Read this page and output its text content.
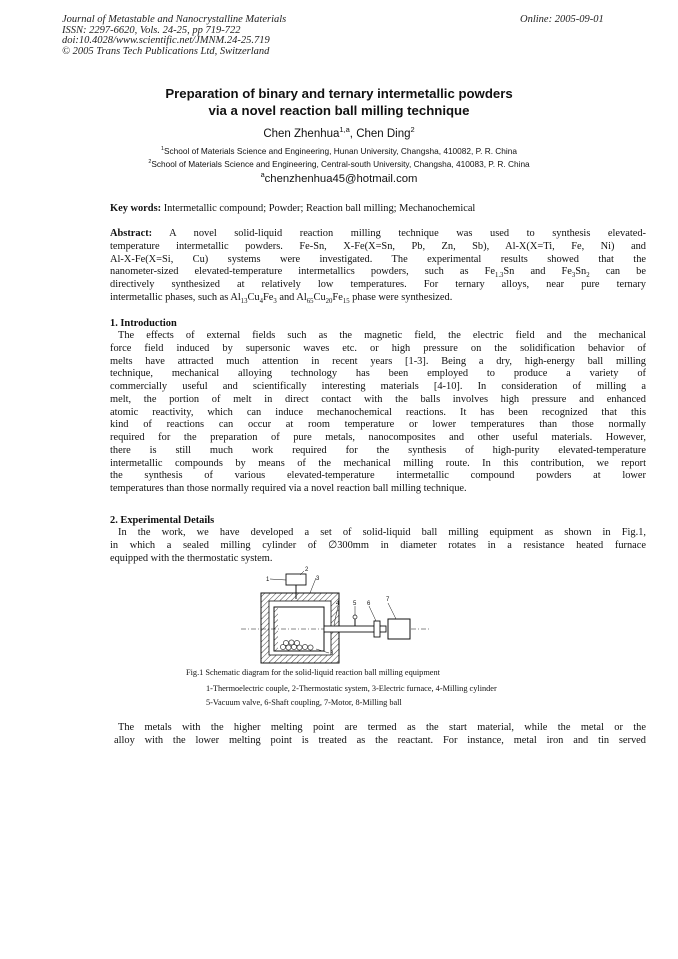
Journal of Metastable and Nanocrystalline Materials
ISSN: 2297-6620, Vols. 24-25, pp 719-722
doi:10.4028/www.scientific.net/JMNM.24-25.719
© 2005 Trans Tech Publications Ltd, Switzerland
Online: 2005-09-01
Preparation of binary and ternary intermetallic powders
via a novel reaction ball milling technique
Chen Zhenhua$^{1,a}$, Chen Ding$^2$
$^1$School of Materials Science and Engineering, Hunan University, Changsha, 410082, P. R. China
$^2$School of Materials Science and Engineering, Central-south University, Changsha, 410083, P. R. China
$^a$chenzhenhua45@hotmail.com
Key words: Intermetallic compound; Powder; Reaction ball milling; Mechanochemical
Abstract: A novel solid-liquid reaction milling technique was used to synthesis elevated-
temperature intermetallic powders. Fe-Sn, X-Fe(X=Sn, Pb, Zn, Sb), Al-X(X=Ti, Fe, Ni) and
Al-X-Fe(X=Si, Cu) systems were investigated. The experimental results showed that the
nanometer-sized elevated-temperature intermetallics powders, such as $Fe_{1.3}Sn$ and $Fe_3Sn_2$ can be
directively synthesized at relatively low temperatures. For ternary alloys, near pure ternary
intermetallic phases, such as $Al_{13}Cu_4Fe_3$ and $Al_{65}Cu_{20}Fe_{15}$ phase were synthesized.
1. Introduction
The effects of external fields such as the magnetic field, the electric field and the mechanical
force field induced by supersonic waves etc. or high pressure on the solidification behavior of
melts have attracted much attention in recent years [1-3]. Being a dry, high-energy ball milling
technique, mechanical alloying technology has been employed to produce a variety of
commercially useful and scientifically interesting materials [4-10]. In consideration of milling a
melt, the portion of melt in direct contact with the balls involves high pressure and enhanced
atomic reactivity, which can induce mechanochemical reactions. It has been recognized that this
kind of reactions can occur at room temperature or lower temperatures than those normally
required for the preparation of pure metals, nanocomposites and other useful materials. However,
there is still much work required for the synthesis of high-purity elevated-temperature
intermetallic compounds by means of the mechanical milling route. In this contribution, we report
the synthesis of various elevated-temperature intermetallic compound powders at lower
temperatures than those normally required via a novel reaction ball milling technique.
2. Experimental Details
In the work, we have developed a set of solid-liquid ball milling equipment as shown in Fig.1,
in which a sealed milling cylinder of ∅300mm in diameter rotates in a resistance heated furnace
equipped with the thermostatic system.
1
2
3
5 6
7
Fig.1 Schematic diagram for the solid-liquid reaction ball milling equipment
1-Thermoelectric couple, 2-Thermostatic system, 3-Electric furnace, 4-Milling cylinder
5-Vacuum valve, 6-Shaft coupling, 7-Motor, 8-Milling ball
The metals with the higher melting point are termed as the start material, while the metal or the
alloy with the lower melting point is treated as the reactant. For instance, metal iron and tin served
